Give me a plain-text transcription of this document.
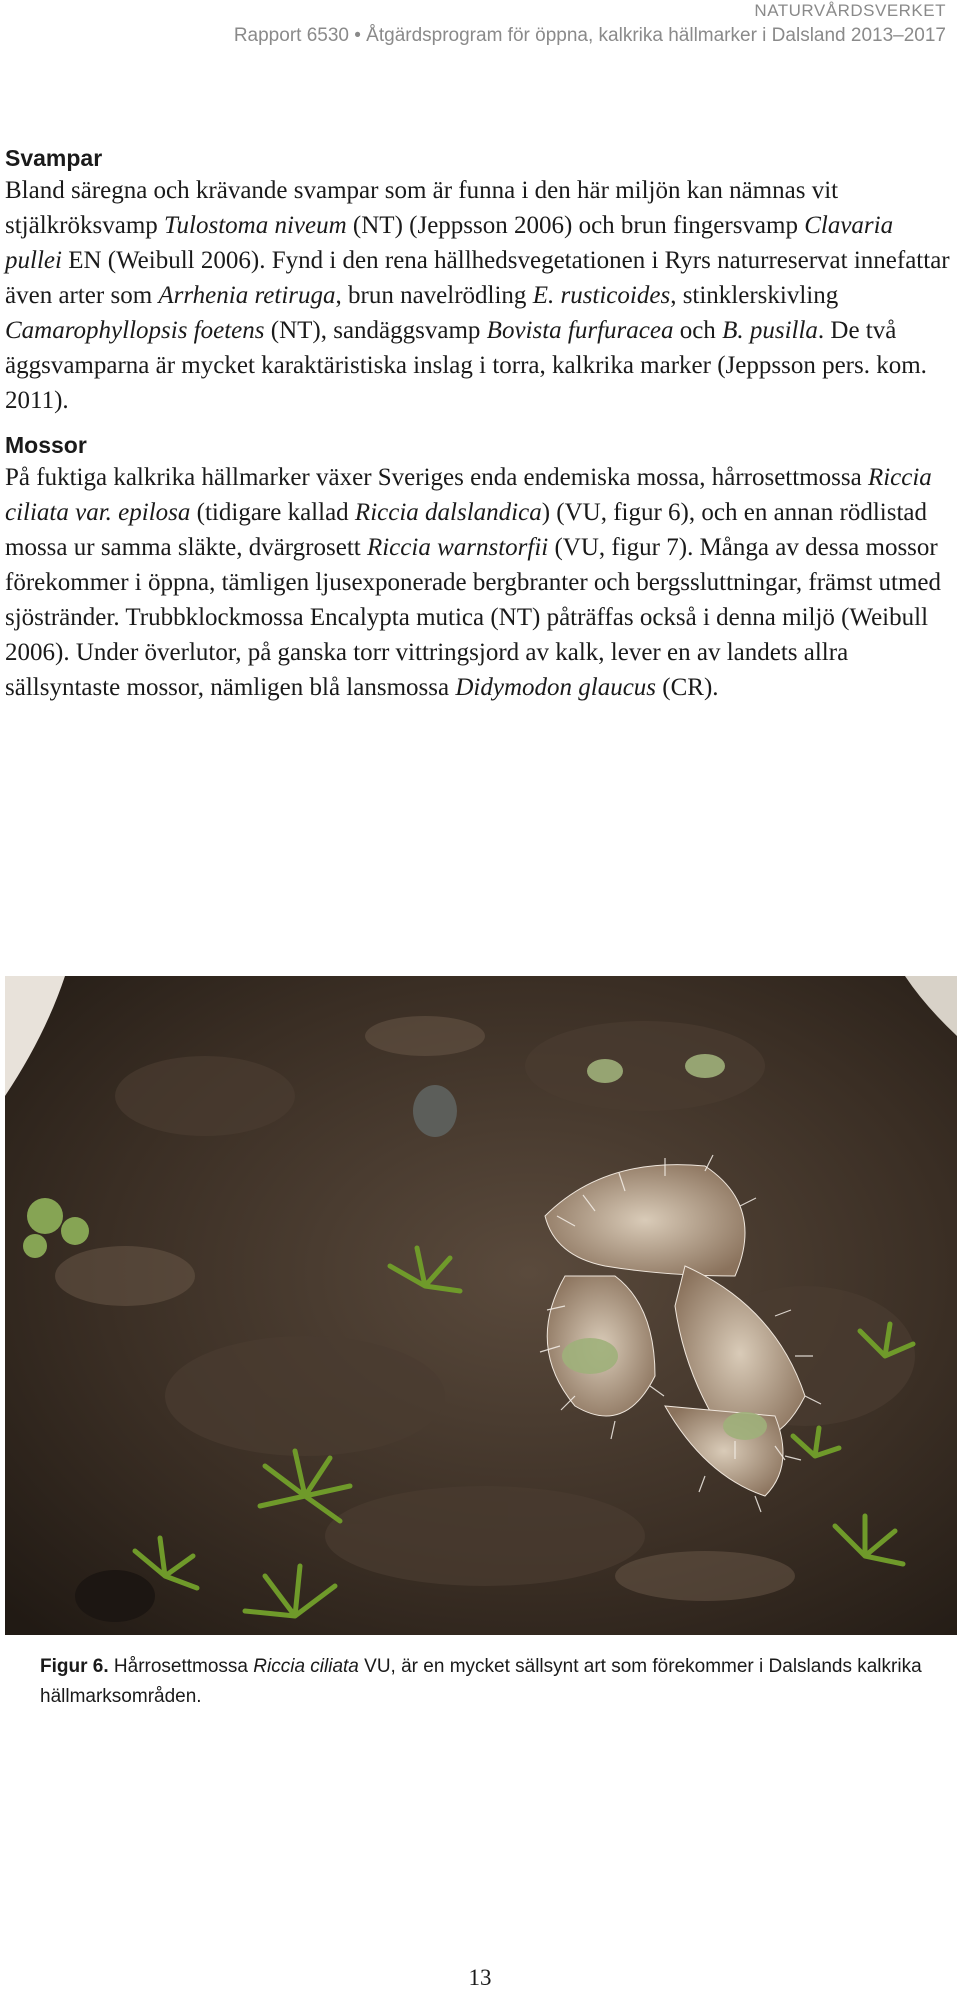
NATURVÅRDSVERKET
Rapport 6530 • Åtgärdsprogram för öppna, kalkrika hällmarker i Dalsland 2013–2017
Svampar

Bland säregna och krävande svampar som är funna i den här miljön kan nämnas vit stjälkröksvamp Tulostoma niveum (NT) (Jeppsson 2006) och brun fingersvamp Clavaria pullei EN (Weibull 2006). Fynd i den rena hällhedsvegetationen i Ryrs naturreservat innefattar även arter som Arrhenia retiruga, brun navelrödling E. rusticoides, stinklerskivling Camarophyllopsis foetens (NT), sandäggsvamp Bovista furfuracea och B. pusilla. De två äggsvamparna är mycket karaktäristiska inslag i torra, kalkrika marker (Jeppsson pers. kom. 2011).

Mossor

På fuktiga kalkrika hällmarker växer Sveriges enda endemiska mossa, hårrosettmossa Riccia ciliata var. epilosa (tidigare kallad Riccia dalslandica) (VU, figur 6), och en annan rödlistad mossa ur samma släkte, dvärgrosett Riccia warnstorfii (VU, figur 7). Många av dessa mossor förekommer i öppna, tämligen ljusexponerade bergbranter och bergssluttningar, främst utmed sjöstränder. Trubbklockmossa Encalypta mutica (NT) påträffas också i denna miljö (Weibull 2006). Under överlutor, på ganska torr vittringsjord av kalk, lever en av landets allra sällsyntaste mossor, nämligen blå lansmossa Didymodon glaucus (CR).

Figur 6. Hårrosettmossa Riccia ciliata VU, är en mycket sällsynt art som förekommer i Dalslands kalkrika hällmarksområden.
13
